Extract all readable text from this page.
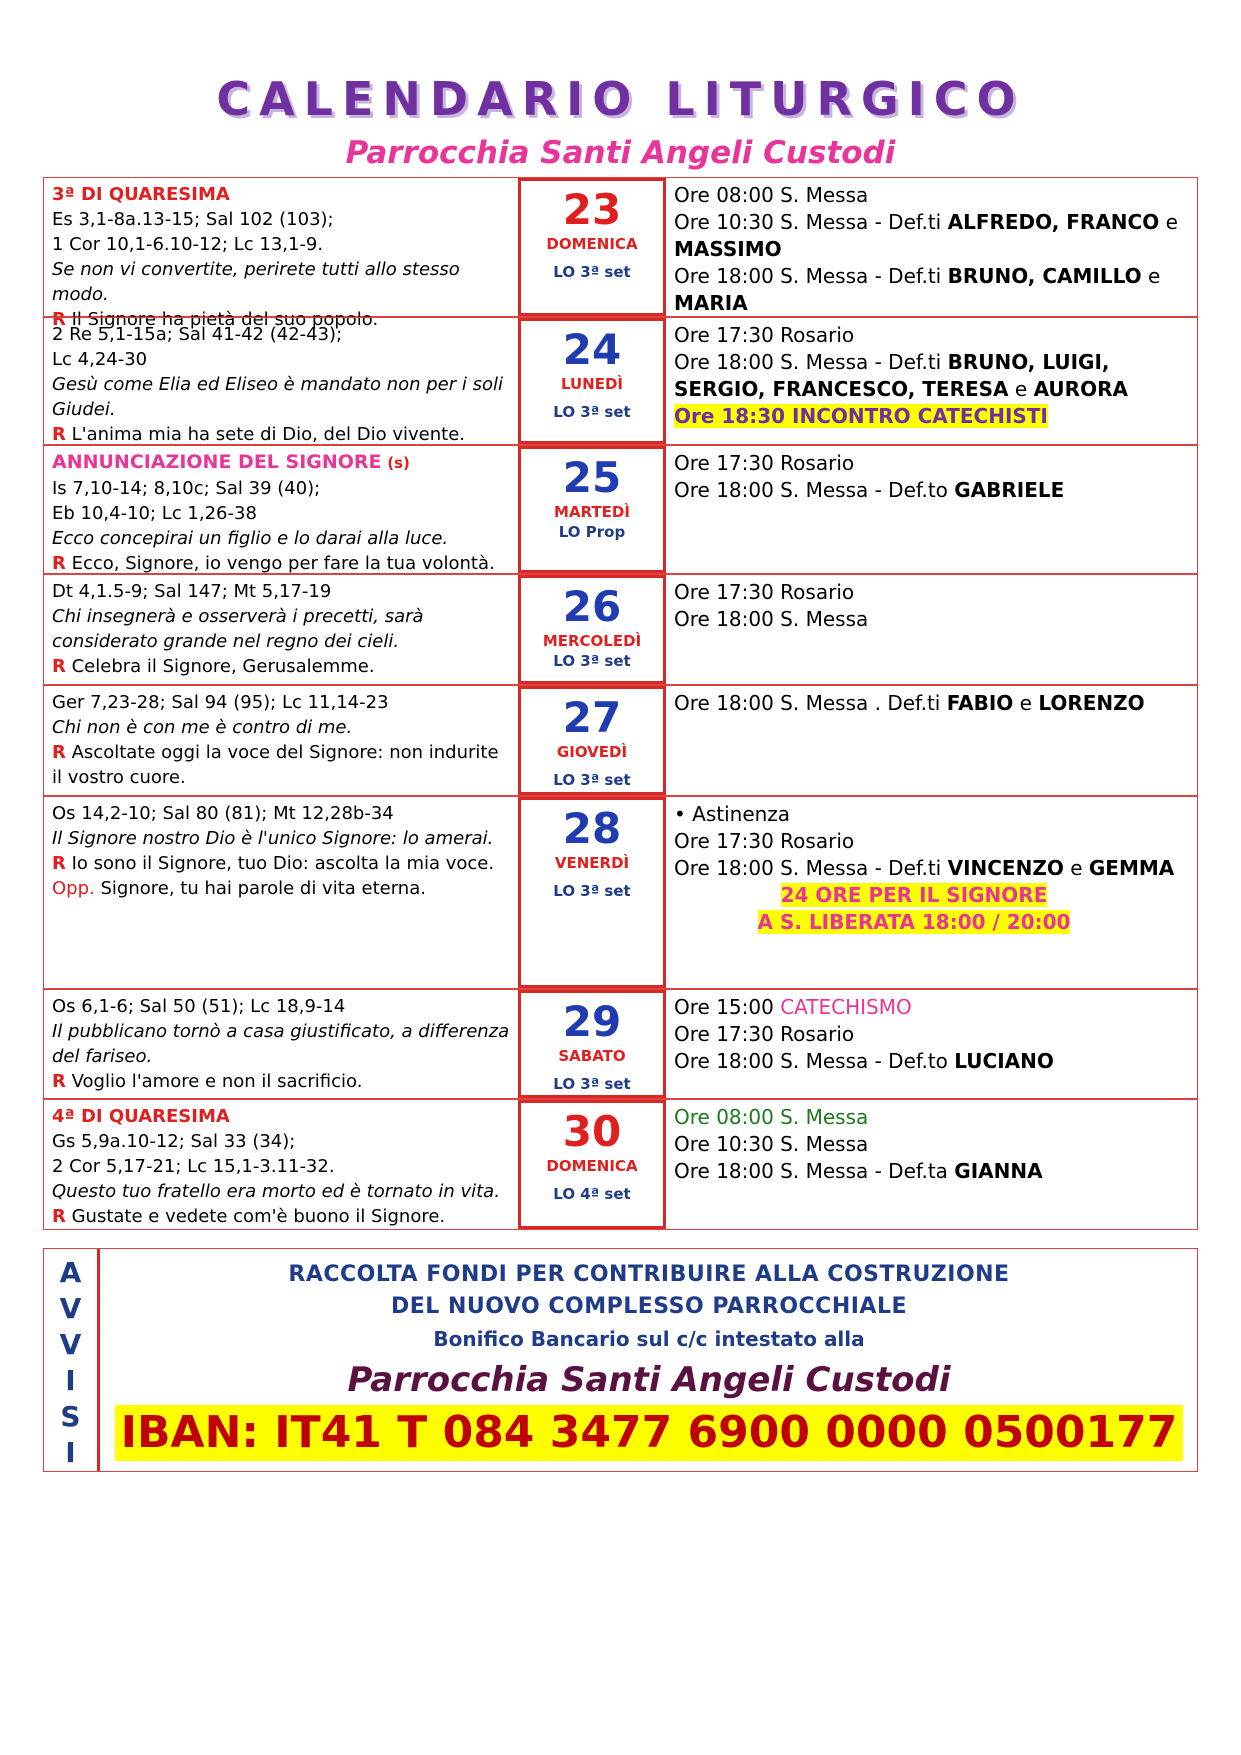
CALENDARIO LITURGICO
Parrocchia Santi Angeli Custodi
3ª DI QUARESIMA
Es 3,1-8a.13-15; Sal 102 (103);
1 Cor 10,1-6.10-12; Lc 13,1-9.
Se non vi convertite, perirete tutti allo stesso modo.
R Il Signore ha pietà del suo popolo.
23
DOMENICA
LO 3ª set
Ore 08:00 S. Messa
Ore 10:30 S. Messa - Def.ti ALFREDO, FRANCO e MASSIMO
Ore 18:00 S. Messa - Def.ti BRUNO, CAMILLO e MARIA
2 Re 5,1-15a; Sal 41-42 (42-43);
Lc 4,24-30
Gesù come Elia ed Eliseo è mandato non per i soli Giudei.
R L'anima mia ha sete di Dio, del Dio vivente.
24
LUNEDÌ
LO 3ª set
Ore 17:30 Rosario
Ore 18:00 S. Messa - Def.ti BRUNO, LUIGI, SERGIO, FRANCESCO, TERESA e AURORA
Ore 18:30 INCONTRO CATECHISTI
ANNUNCIAZIONE DEL SIGNORE (s)
Is 7,10-14; 8,10c; Sal 39 (40);
Eb 10,4-10; Lc 1,26-38
Ecco concepirai un figlio e lo darai alla luce.
R Ecco, Signore, io vengo per fare la tua volontà.
25
MARTEDÌ
LO Prop
Ore 17:30 Rosario
Ore 18:00 S. Messa - Def.to GABRIELE
Dt 4,1.5-9; Sal 147; Mt 5,17-19
Chi insegnerà e osserverà i precetti, sarà considerato grande nel regno dei cieli.
R Celebra il Signore, Gerusalemme.
26
MERCOLEDÌ
LO 3ª set
Ore 17:30 Rosario
Ore 18:00 S. Messa
Ger 7,23-28; Sal 94 (95); Lc 11,14-23
Chi non è con me è contro di me.
R Ascoltate oggi la voce del Signore: non indurite il vostro cuore.
27
GIOVEDÌ
LO 3ª set
Ore 18:00 S. Messa . Def.ti FABIO e LORENZO
Os 14,2-10; Sal 80 (81); Mt 12,28b-34
Il Signore nostro Dio è l'unico Signore: lo amerai.
R Io sono il Signore, tuo Dio: ascolta la mia voce.
Opp. Signore, tu hai parole di vita eterna.
28
VENERDÌ
LO 3ª set
• Astinenza
Ore 17:30 Rosario
Ore 18:00 S. Messa - Def.ti VINCENZO e GEMMA
24 ORE PER IL SIGNORE
A S. LIBERATA 18:00 / 20:00
Os 6,1-6; Sal 50 (51); Lc 18,9-14
Il pubblicano tornò a casa giustificato, a differenza del fariseo.
R Voglio l'amore e non il sacrificio.
29
SABATO
LO 3ª set
Ore 15:00 CATECHISMO
Ore 17:30 Rosario
Ore 18:00 S. Messa - Def.to LUCIANO
4ª DI QUARESIMA
Gs 5,9a.10-12; Sal 33 (34);
2 Cor 5,17-21; Lc 15,1-3.11-32.
Questo tuo fratello era morto ed è tornato in vita.
R Gustate e vedete com'è buono il Signore.
30
DOMENICA
LO 4ª set
Ore 08:00 S. Messa
Ore 10:30 S. Messa
Ore 18:00 S. Messa - Def.ta GIANNA
A
V
V
I
S
I
RACCOLTA FONDI PER CONTRIBUIRE ALLA COSTRUZIONE
DEL NUOVO COMPLESSO PARROCCHIALE
Bonifico Bancario sul c/c intestato alla
Parrocchia Santi Angeli Custodi
IBAN: IT41 T 084 3477 6900 0000 0500177
